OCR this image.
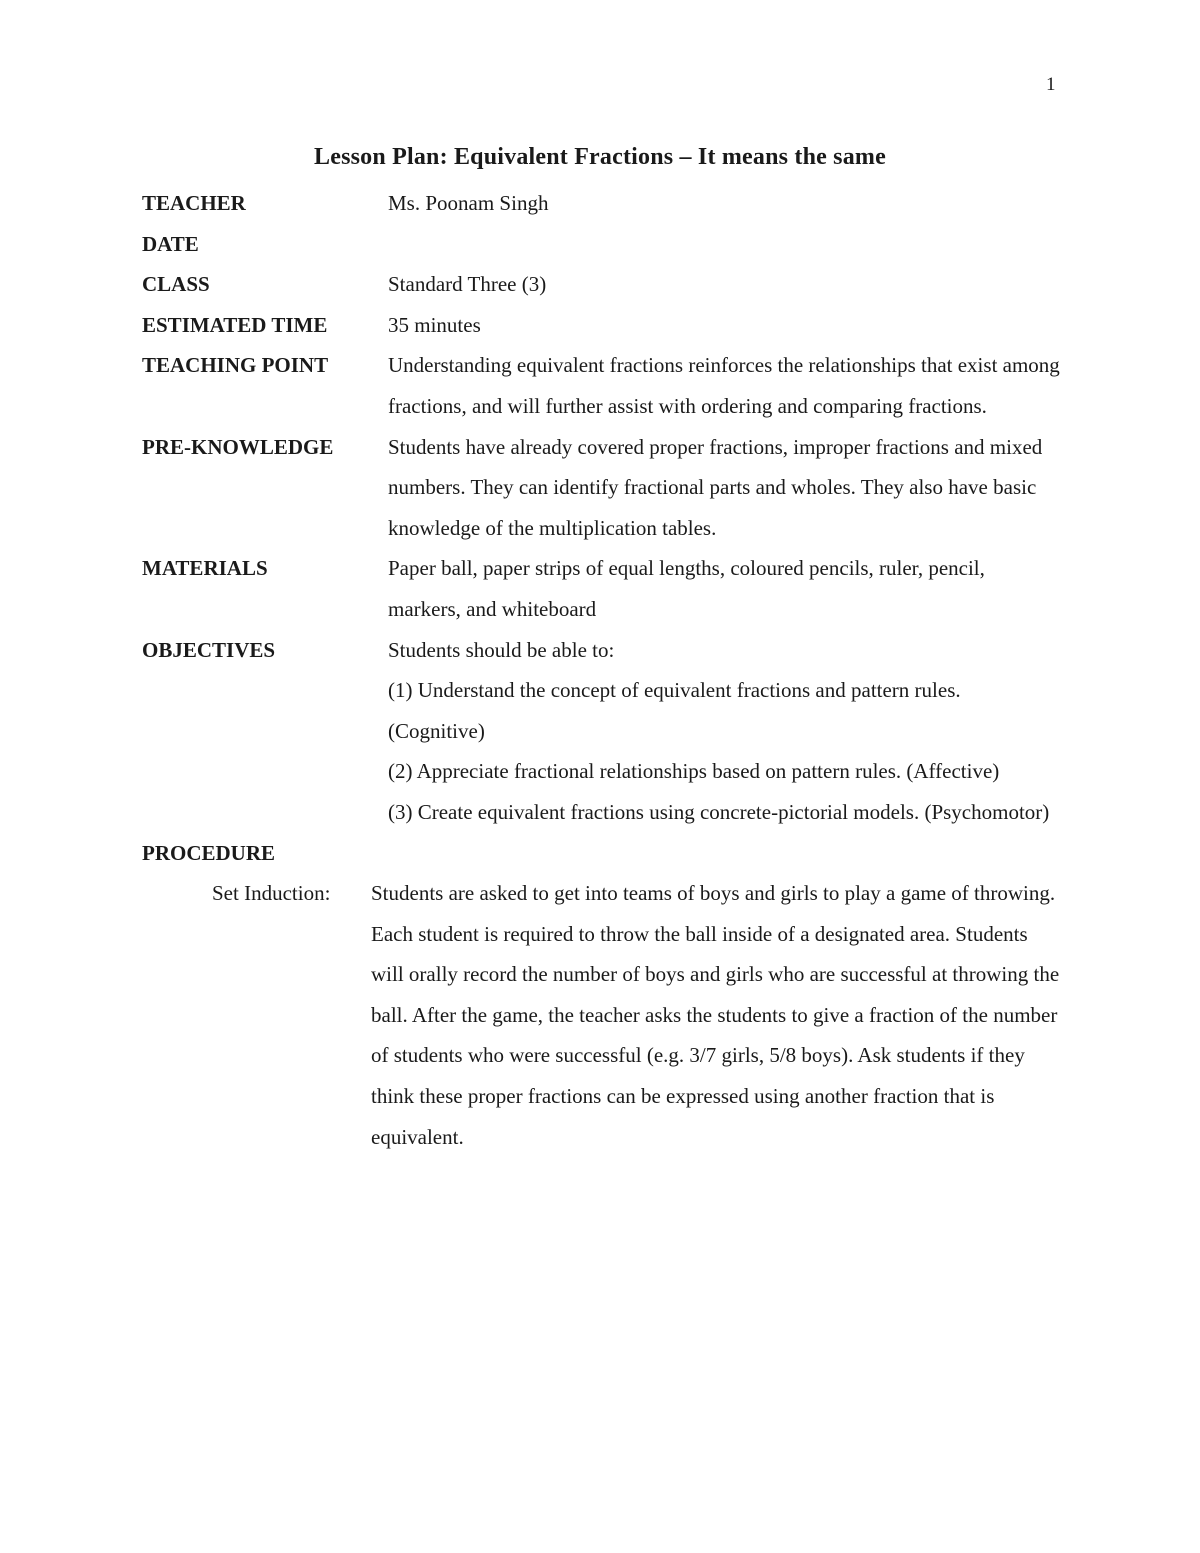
1
Lesson Plan: Equivalent Fractions – It means the same
TEACHER	Ms. Poonam Singh
DATE

CLASS	Standard Three (3)
ESTIMATED TIME	35 minutes
TEACHING POINT	Understanding equivalent fractions reinforces the relationships that exist among fractions, and will further assist with ordering and comparing fractions.
PRE-KNOWLEDGE	Students have already covered proper fractions, improper fractions and mixed numbers. They can identify fractional parts and wholes. They also have basic knowledge of the multiplication tables.
MATERIALS	Paper ball, paper strips of equal lengths, coloured pencils, ruler, pencil, markers, and whiteboard
OBJECTIVES	Students should be able to:

(1) Understand the concept of equivalent fractions and pattern rules. (Cognitive)

(2) Appreciate fractional relationships based on pattern rules. (Affective)

(3) Create equivalent fractions using concrete-pictorial models. (Psychomotor)

PROCEDURE

Set Induction:	Students are asked to get into teams of boys and girls to play a game of throwing. Each student is required to throw the ball inside of a designated area. Students will orally record the number of boys and girls who are successful at throwing the ball. After the game, the teacher asks the students to give a fraction of the number of students who were successful (e.g. 3/7 girls, 5/8 boys). Ask students if they think these proper fractions can be expressed using another fraction that is equivalent.
